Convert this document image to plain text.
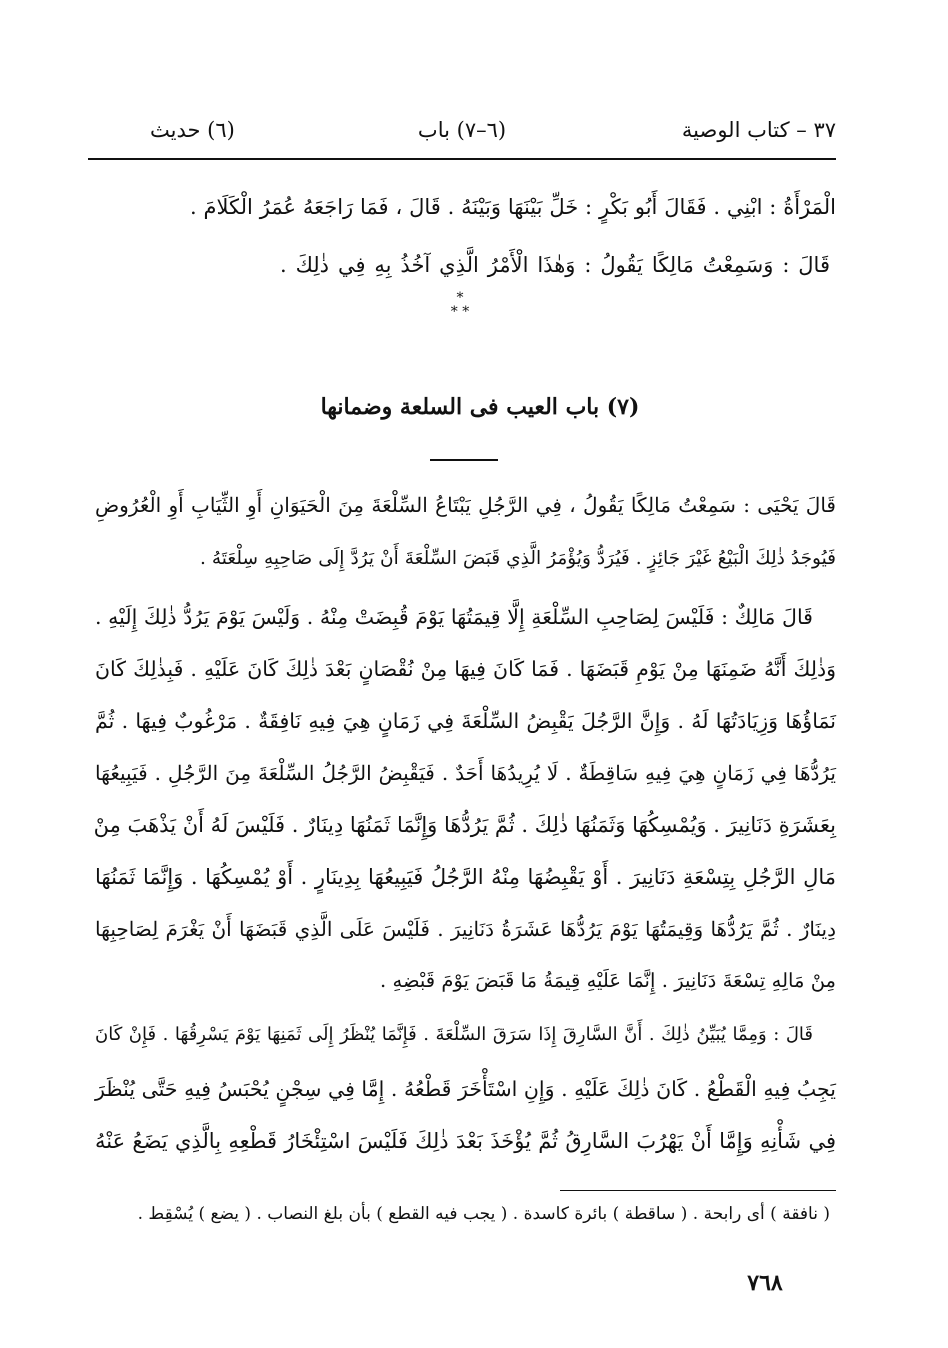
٣٧ – كتاب الوصية
(٦–٧) باب
(٦) حديث
الْمَرْأَةُ : ابْنِي . فَقَالَ أَبُو بَكْرٍ : خَلِّ بَيْنَهَا وَبَيْنَهُ . قَالَ ، فَمَا رَاجَعَهُ عُمَرُ الْكَلَامَ .
قَالَ : وَسَمِعْتُ مَالِكًا يَقُولُ : وَهٰذَا الْأَمْرُ الَّذِي آخُذُ بِهِ فِي ذٰلِكَ .
*
* *
(٧) باب العيب فى السلعة وضمانها
قَالَ يَحْيَى : سَمِعْتُ مَالِكًا يَقُولُ ، فِي الرَّجُلِ يَبْتَاعُ السِّلْعَةَ مِنَ الْحَيَوَانِ أَوِ الثِّيَابِ أَوِ الْعُرُوضِ
فَيُوجَدُ ذٰلِكَ الْبَيْعُ غَيْرَ جَائِزٍ . فَيُرَدُّ وَيُؤْمَرُ الَّذِي قَبَضَ السِّلْعَةَ أَنْ يَرُدَّ إِلَى صَاحِبِهِ سِلْعَتَهُ .
قَالَ مَالِكٌ : فَلَيْسَ لِصَاحِبِ السِّلْعَةِ إِلَّا قِيمَتُهَا يَوْمَ قُبِضَتْ مِنْهُ . وَلَيْسَ يَوْمَ يَرُدُّ ذٰلِكَ إِلَيْهِ .
وَذٰلِكَ أَنَّهُ ضَمِنَهَا مِنْ يَوْمِ قَبَضَهَا . فَمَا كَانَ فِيهَا مِنْ نُقْصَانٍ بَعْدَ ذٰلِكَ كَانَ عَلَيْهِ . فَبِذٰلِكَ كَانَ
نَمَاؤُهَا وَزِيَادَتُهَا لَهُ . وَإِنَّ الرَّجُلَ يَقْبِضُ السِّلْعَةَ فِي زَمَانٍ هِيَ فِيهِ نَافِقَةٌ . مَرْغُوبٌ فِيهَا . ثُمَّ
يَرُدُّهَا فِي زَمَانٍ هِيَ فِيهِ سَاقِطَةٌ . لَا يُرِيدُهَا أَحَدٌ . فَيَقْبِضُ الرَّجُلُ السِّلْعَةَ مِنَ الرَّجُلِ . فَيَبِيعُهَا
بِعَشَرَةِ دَنَانِيرَ . وَيُمْسِكُهَا وَثَمَنُهَا ذٰلِكَ . ثُمَّ يَرُدُّهَا وَإِنَّمَا ثَمَنُهَا دِينَارٌ . فَلَيْسَ لَهُ أَنْ يَذْهَبَ مِنْ
مَالِ الرَّجُلِ بِتِسْعَةِ دَنَانِيرَ . أَوْ يَقْبِضُهَا مِنْهُ الرَّجُلُ فَيَبِيعُهَا بِدِينَارٍ . أَوْ يُمْسِكُهَا . وَإِنَّمَا ثَمَنُهَا
دِينَارٌ . ثُمَّ يَرُدُّهَا وَقِيمَتُهَا يَوْمَ يَرُدُّهَا عَشَرَةُ دَنَانِيرَ . فَلَيْسَ عَلَى الَّذِي قَبَضَهَا أَنْ يَغْرَمَ لِصَاحِبِهَا
مِنْ مَالِهِ تِسْعَةَ دَنَانِيرَ . إِنَّمَا عَلَيْهِ قِيمَةُ مَا قَبَضَ يَوْمَ قَبْضِهِ .
قَالَ : وَمِمَّا يُبَيِّنُ ذٰلِكَ . أَنَّ السَّارِقَ إِذَا سَرَقَ السِّلْعَةَ . فَإِنَّمَا يُنْظَرُ إِلَى ثَمَنِهَا يَوْمَ يَسْرِقُهَا . فَإِنْ كَانَ
يَجِبُ فِيهِ الْقَطْعُ . كَانَ ذٰلِكَ عَلَيْهِ . وَإِنِ اسْتَأْخَرَ قَطْعُهُ . إِمَّا فِي سِجْنٍ يُحْبَسُ فِيهِ حَتَّى يُنْظَرَ
فِي شَأْنِهِ وَإِمَّا أَنْ يَهْرُبَ السَّارِقُ ثُمَّ يُؤْخَذَ بَعْدَ ذٰلِكَ فَلَيْسَ اسْتِئْخَارُ قَطْعِهِ بِالَّذِي يَضَعُ عَنْهُ
( نافقة ) أى رابحة . ( ساقطة ) بائرة كاسدة . ( يجب فيه القطع ) بأن بلغ النصاب . ( يضع ) يُسْقِط .
٧٦٨
